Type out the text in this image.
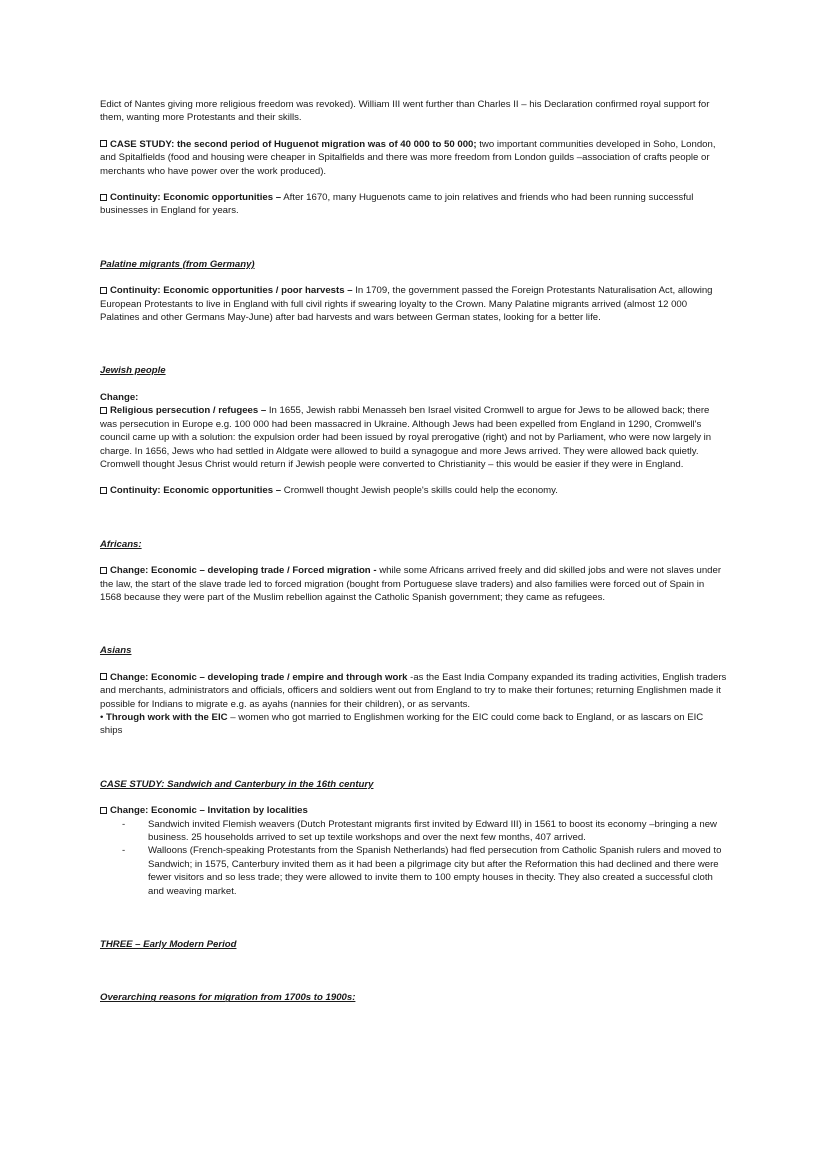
Edict of Nantes giving more religious freedom was revoked). William III went further than Charles II – his Declaration confirmed royal support for them, wanting more Protestants and their skills.

CASE STUDY: the second period of Huguenot migration was of 40 000 to 50 000; two important communities developed in Soho, London, and Spitalfields (food and housing were cheaper in Spitalfields and there was more freedom from London guilds –association of crafts people or merchants who have power over the work produced).

Continuity: Economic opportunities – After 1670, many Huguenots came to join relatives and friends who had been running successful businesses in England for years.

Palatine migrants (from Germany)

Continuity: Economic opportunities / poor harvests – In 1709, the government passed the Foreign Protestants Naturalisation Act, allowing European Protestants to live in England with full civil rights if swearing loyalty to the Crown. Many Palatine migrants arrived (almost 12 000 Palatines and other Germans May-June) after bad harvests and wars between German states, looking for a better life.

Jewish people

Change:

Religious persecution / refugees – In 1655, Jewish rabbi Menasseh ben Israel visited Cromwell to argue for Jews to be allowed back; there was persecution in Europe e.g. 100 000 had been massacred in Ukraine. Although Jews had been expelled from England in 1290, Cromwell's council came up with a solution: the expulsion order had been issued by royal prerogative (right) and not by Parliament, who were now largely in charge. In 1656, Jews who had settled in Aldgate were allowed to build a synagogue and more Jews arrived. They were allowed back quietly. Cromwell thought Jesus Christ would return if Jewish people were converted to Christianity – this would be easier if they were in England.

Continuity: Economic opportunities – Cromwell thought Jewish people's skills could help the economy.

Africans:

Change: Economic – developing trade / Forced migration - while some Africans arrived freely and did skilled jobs and were not slaves under the law, the start of the slave trade led to forced migration (bought from Portuguese slave traders) and also families were forced out of Spain in 1568 because they were part of the Muslim rebellion against the Catholic Spanish government; they came as refugees.

Asians

Change: Economic – developing trade / empire and through work -as the East India Company expanded its trading activities, English traders and merchants, administrators and officials, officers and soldiers went out from England to try to make their fortunes; returning Englishmen made it possible for Indians to migrate e.g. as ayahs (nannies for their children), or as servants.

• Through work with the EIC – women who got married to Englishmen working for the EIC could come back to England, or as lascars on EIC ships

CASE STUDY: Sandwich and Canterbury in the 16th century

Change: Economic – Invitation by localities

- Sandwich invited Flemish weavers (Dutch Protestant migrants first invited by Edward III) in 1561 to boost its economy –bringing a new business. 25 households arrived to set up textile workshops and over the next few months, 407 arrived.
- Walloons (French-speaking Protestants from the Spanish Netherlands) had fled persecution from Catholic Spanish rulers and moved to Sandwich; in 1575, Canterbury invited them as it had been a pilgrimage city but after the Reformation this had declined and there were fewer visitors and so less trade; they were allowed to invite them to 100 empty houses in thecity. They also created a successful cloth and weaving market.

THREE – Early Modern Period

Overarching reasons for migration from 1700s to 1900s:
